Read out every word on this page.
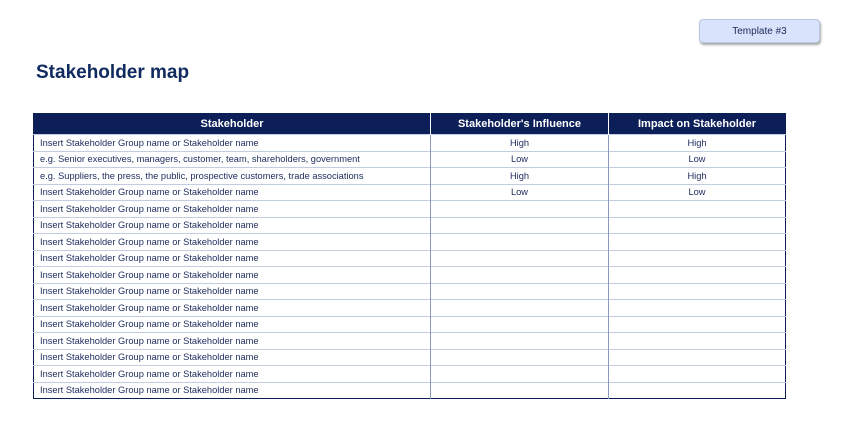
Template #3
Stakeholder map
Stakeholder	Stakeholder's Influence	Impact on Stakeholder
Insert Stakeholder Group name or Stakeholder name	High	High
e.g. Senior executives, managers, customer, team, shareholders, government	Low	Low
e.g. Suppliers, the press, the public, prospective customers, trade associations	High	High
Insert Stakeholder Group name or Stakeholder name	Low	Low
Insert Stakeholder Group name or Stakeholder name		
Insert Stakeholder Group name or Stakeholder name		
Insert Stakeholder Group name or Stakeholder name		
Insert Stakeholder Group name or Stakeholder name		
Insert Stakeholder Group name or Stakeholder name		
Insert Stakeholder Group name or Stakeholder name		
Insert Stakeholder Group name or Stakeholder name		
Insert Stakeholder Group name or Stakeholder name		
Insert Stakeholder Group name or Stakeholder name		
Insert Stakeholder Group name or Stakeholder name		
Insert Stakeholder Group name or Stakeholder name		
Insert Stakeholder Group name or Stakeholder name		
